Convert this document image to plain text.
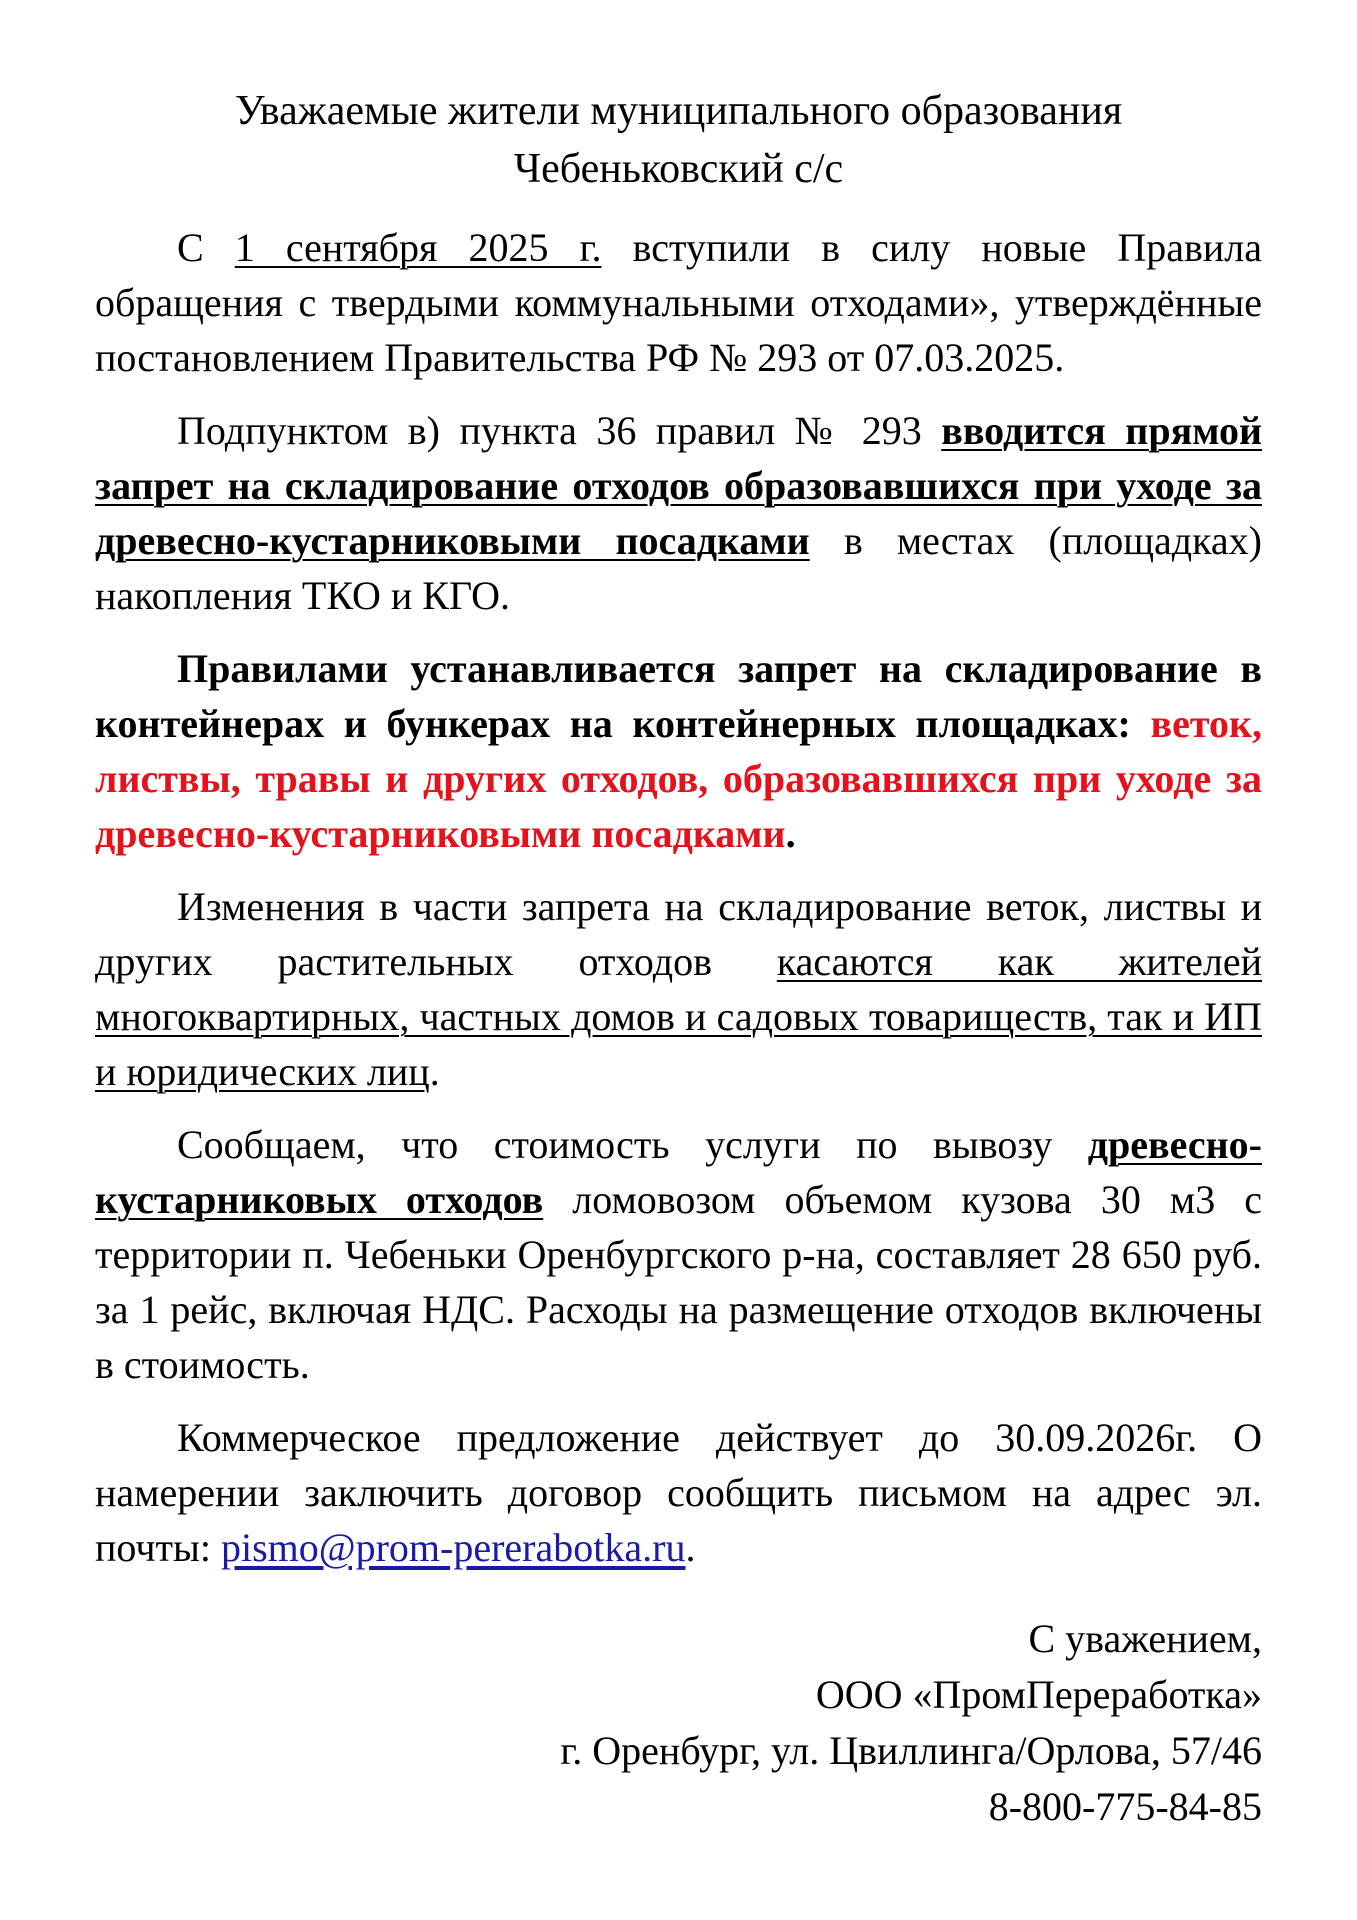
Уважаемые жители муниципального образования
Чебеньковский с/с

С 1 сентября 2025 г. вступили в силу новые Правила обращения с твердыми коммунальными отходами», утверждённые постановлением Правительства РФ № 293 от 07.03.2025.

Подпунктом в) пункта 36 правил № 293 вводится прямой запрет на складирование отходов образовавшихся при уходе за древесно-кустарниковыми посадками в местах (площадках) накопления ТКО и КГО.

Правилами устанавливается запрет на складирование в контейнерах и бункерах на контейнерных площадках: веток, листвы, травы и других отходов, образовавшихся при уходе за древесно-кустарниковыми посадками.

Изменения в части запрета на складирование веток, листвы и других растительных отходов касаются как жителей многоквартирных, частных домов и садовых товариществ, так и ИП и юридических лиц.

Сообщаем, что стоимость услуги по вывозу древесно-кустарниковых отходов ломовозом объемом кузова 30 м3 с территории п. Чебеньки Оренбургского р-на, составляет 28 650 руб. за 1 рейс, включая НДС. Расходы на размещение отходов включены в стоимость.

Коммерческое предложение действует до 30.09.2026г. О намерении заключить договор сообщить письмом на адрес эл. почты: pismo@prom-pererabotka.ru.

С уважением,
ООО «ПромПереработка»
г. Оренбург, ул. Цвиллинга/Орлова, 57/46
8-800-775-84-85
